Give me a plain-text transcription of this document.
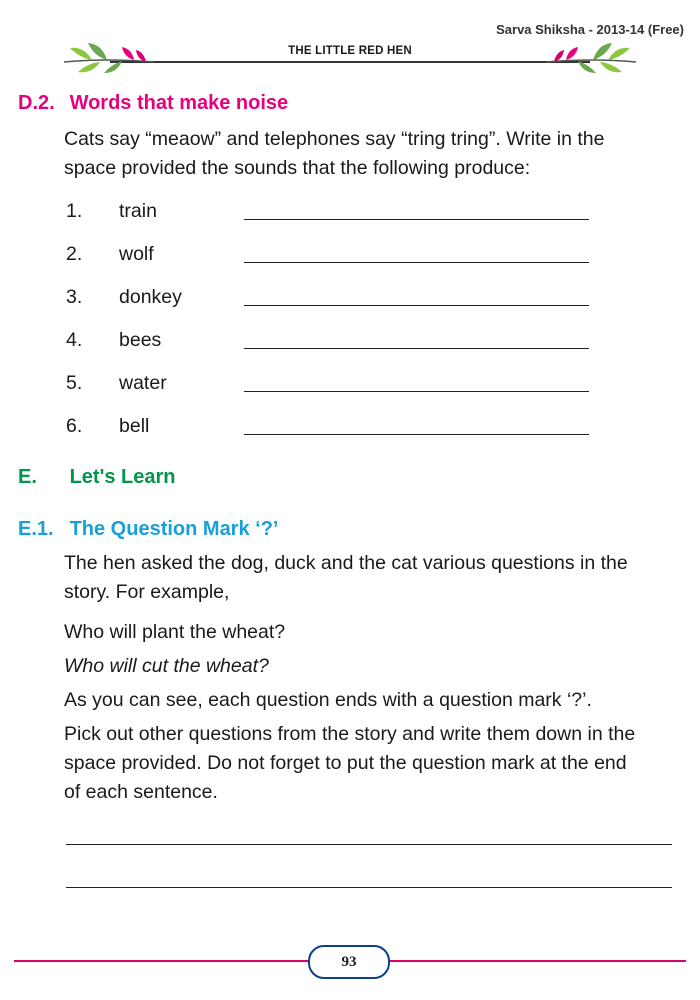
Sarva Shiksha - 2013-14 (Free)
THE LITTLE RED HEN
D.2. Words that make noise
Cats say “meaow” and telephones say “tring tring”. Write in the
space provided the sounds that the following produce:
1. train
2. wolf
3. donkey
4. bees
5. water
6. bell
E. Let's Learn
E.1. The Question Mark ‘?’
The hen asked the dog, duck and the cat various questions in the
story. For example,
Who will plant the wheat?
Who will cut the wheat?
As you can see, each question ends with a question mark ‘?’.
Pick out other questions from the story and write them down in the
space provided. Do not forget to put the question mark at the end
of each sentence.
93
